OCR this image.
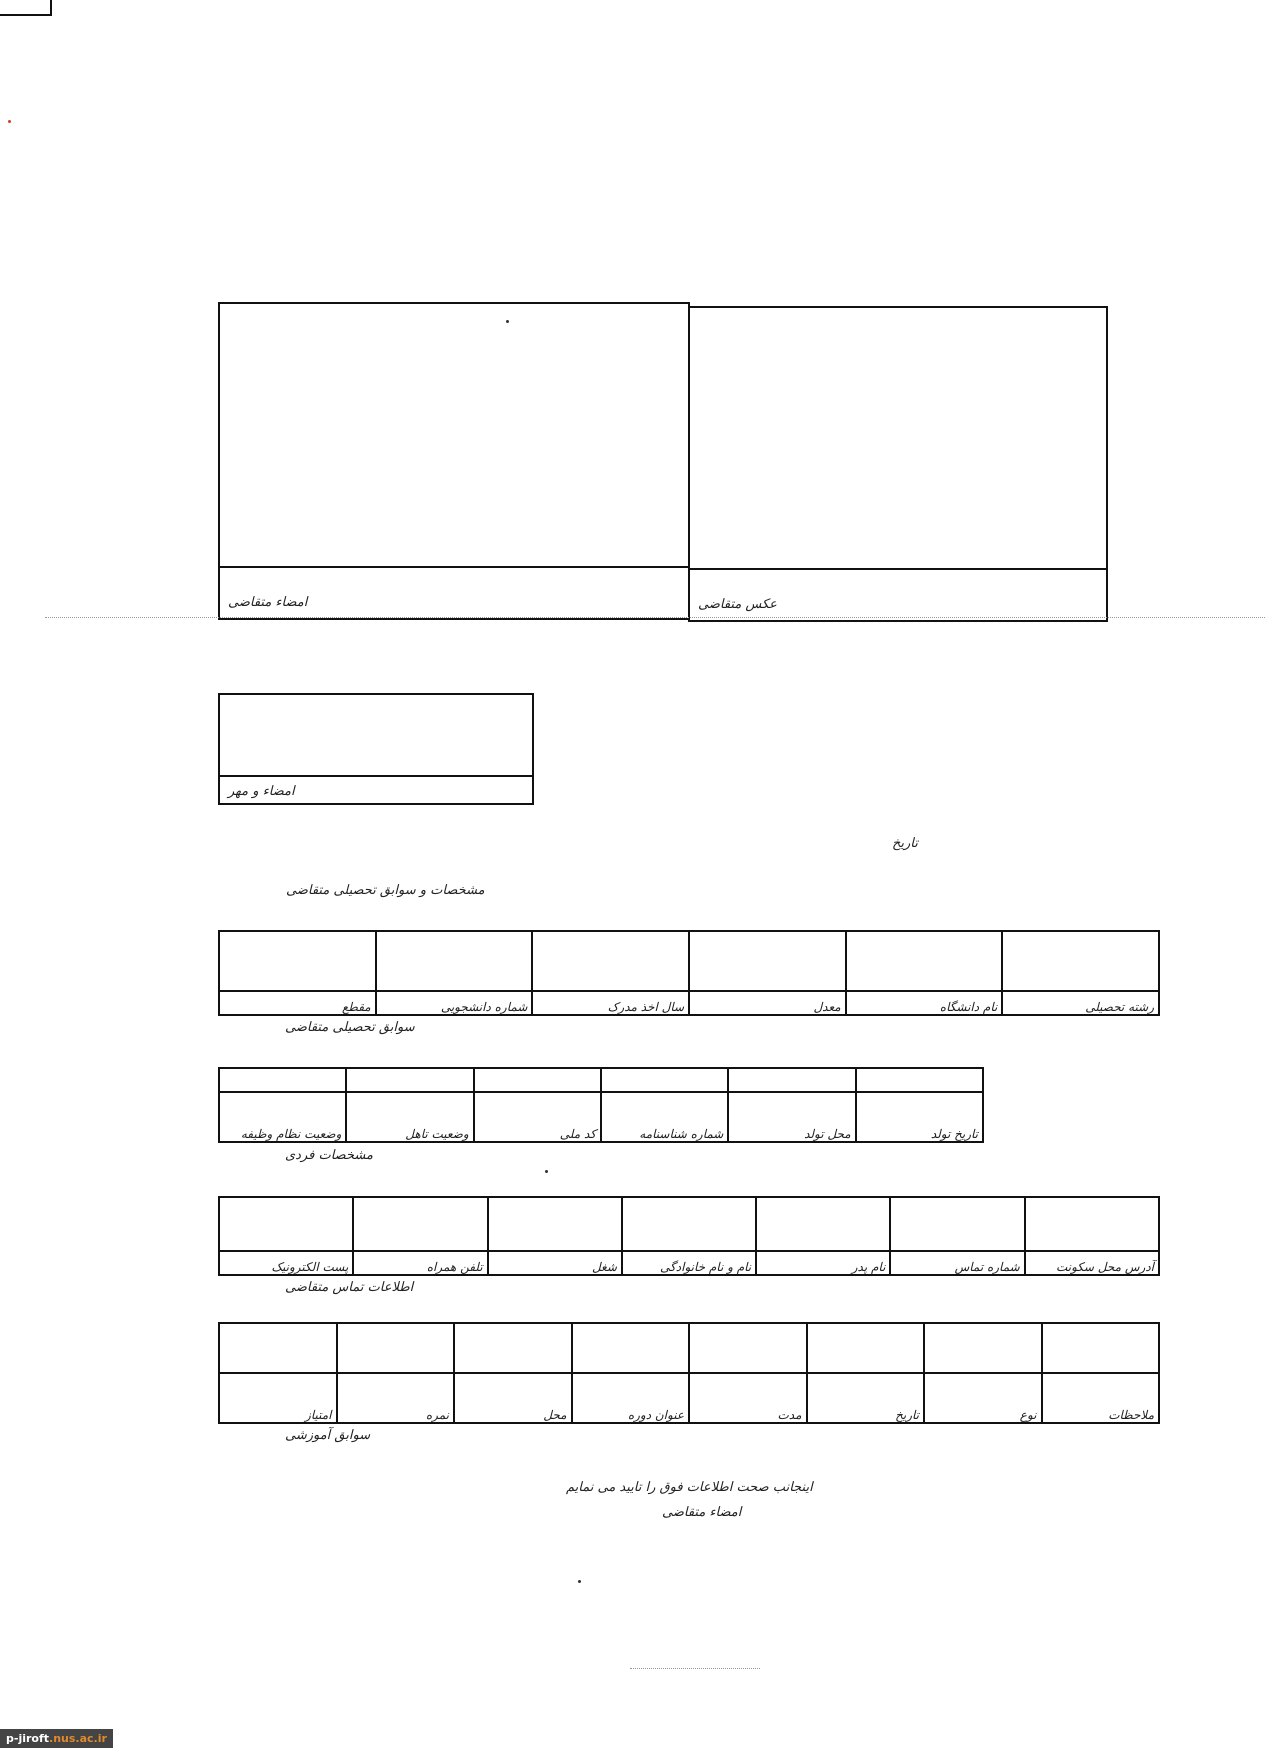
امضاء متقاضی	عکس متقاضی
امضاء و مهر
تاریخ
مشخصات و سوابق تحصیلی متقاضی

رشته تحصیلی	نام دانشگاه	معدل	سال اخذ مدرک	شماره دانشجویی	مقطع
سوابق تحصیلی متقاضی

تاریخ تولد	محل تولد	شماره شناسنامه	کد ملی	وضعیت تاهل	وضعیت نظام وظیفه
مشخصات فردی

آدرس محل سکونت	شماره تماس	نام پدر	نام و نام خانوادگی	شغل	تلفن همراه	پست الکترونیک
اطلاعات تماس متقاضی

ملاحظات	نوع	تاریخ	مدت	عنوان دوره	محل	نمره	امتیاز
سوابق آموزشی
اینجانب صحت اطلاعات فوق را تایید می نمایم
امضاء متقاضی
p-jiroft.nus.ac.ir
